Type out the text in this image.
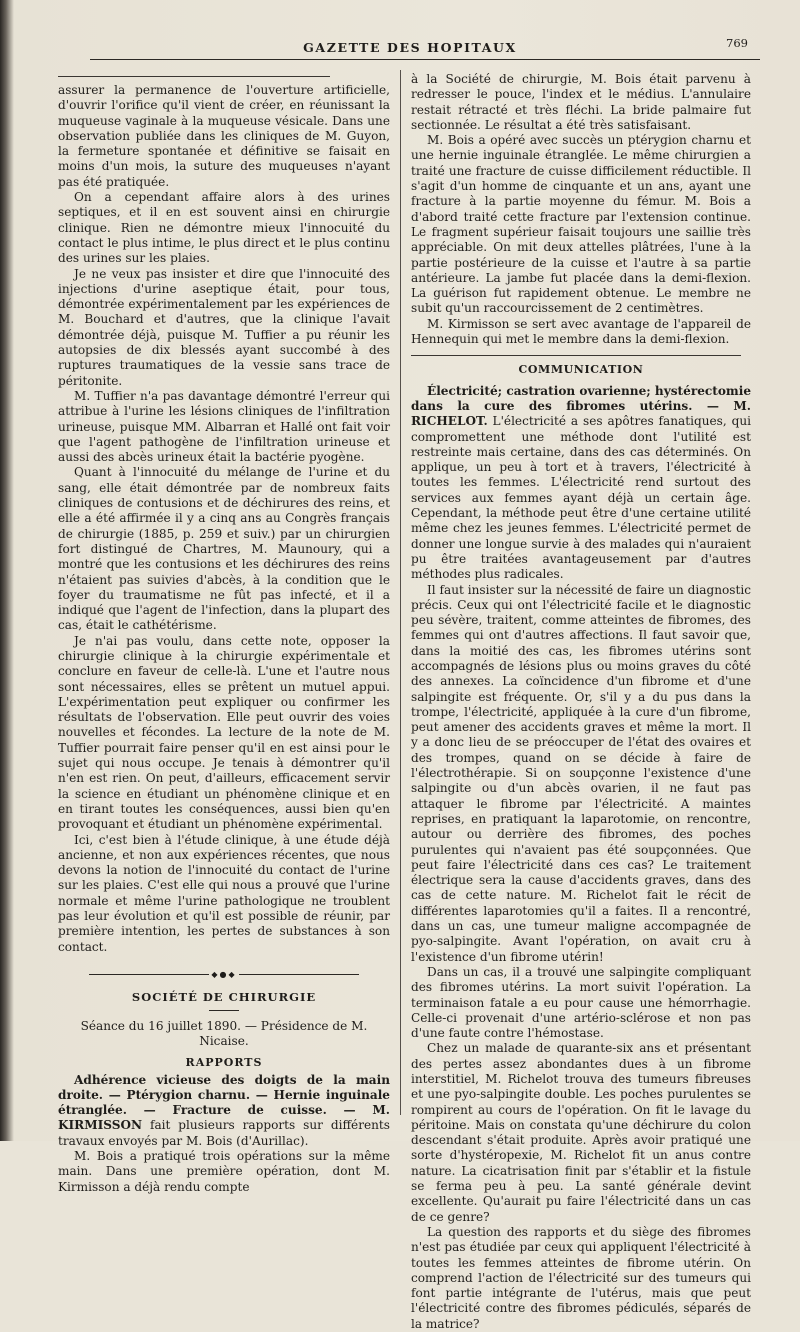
GAZETTE DES HOPITAUX	769

assurer la permanence de l'ouverture artificielle, d'ouvrir l'orifice qu'il vient de créer, en réunissant la muqueuse vaginale à la muqueuse vésicale. Dans une observation publiée dans les cliniques de M. Guyon, la fermeture spontanée et définitive se faisait en moins d'un mois, la suture des muqueuses n'ayant pas été pratiquée.

On a cependant affaire alors à des urines septiques, et il en est souvent ainsi en chirurgie clinique. Rien ne démontre mieux l'innocuité du contact le plus intime, le plus direct et le plus continu des urines sur les plaies.

Je ne veux pas insister et dire que l'innocuité des injections d'urine aseptique était, pour tous, démontrée expérimentalement par les expériences de M. Bouchard et d'autres, que la clinique l'avait démontrée déjà, puisque M. Tuffier a pu réunir les autopsies de dix blessés ayant succombé à des ruptures traumatiques de la vessie sans trace de péritonite.

M. Tuffier n'a pas davantage démontré l'erreur qui attribue à l'urine les lésions cliniques de l'infiltration urineuse, puisque MM. Albarran et Hallé ont fait voir que l'agent pathogène de l'infiltration urineuse et aussi des abcès urineux était la bactérie pyogène.

Quant à l'innocuité du mélange de l'urine et du sang, elle était démontrée par de nombreux faits cliniques de contusions et de déchirures des reins, et elle a été affirmée il y a cinq ans au Congrès français de chirurgie (1885, p. 259 et suiv.) par un chirurgien fort distingué de Chartres, M. Maunoury, qui a montré que les contusions et les déchirures des reins n'étaient pas suivies d'abcès, à la condition que le foyer du traumatisme ne fût pas infecté, et il a indiqué que l'agent de l'infection, dans la plupart des cas, était le cathétérisme.

Je n'ai pas voulu, dans cette note, opposer la chirurgie clinique à la chirurgie expérimentale et conclure en faveur de celle-là. L'une et l'autre nous sont nécessaires, elles se prêtent un mutuel appui. L'expérimentation peut expliquer ou confirmer les résultats de l'observation. Elle peut ouvrir des voies nouvelles et fécondes. La lecture de la note de M. Tuffier pourrait faire penser qu'il en est ainsi pour le sujet qui nous occupe. Je tenais à démontrer qu'il n'en est rien. On peut, d'ailleurs, efficacement servir la science en étudiant un phénomène clinique et en en tirant toutes les conséquences, aussi bien qu'en provoquant et étudiant un phénomène expérimental.

Ici, c'est bien à l'étude clinique, à une étude déjà ancienne, et non aux expériences récentes, que nous devons la notion de l'innocuité du contact de l'urine sur les plaies. C'est elle qui nous a prouvé que l'urine normale et même l'urine pathologique ne troublent pas leur évolution et qu'il est possible de réunir, par première intention, les pertes de substances à son contact.

◆●◆
SOCIÉTÉ DE CHIRURGIE

Séance du 16 juillet 1890. — Présidence de M. Nicaise.

RAPPORTS

Adhérence vicieuse des doigts de la main droite. — Ptérygion charnu. — Hernie inguinale étranglée. — Fracture de cuisse. — M. KIRMISSON fait plusieurs rapports sur différents travaux envoyés par M. Bois (d'Aurillac).

M. Bois a pratiqué trois opérations sur la même main. Dans une première opération, dont M. Kirmisson a déjà rendu compte

à la Société de chirurgie, M. Bois était parvenu à redresser le pouce, l'index et le médius. L'annulaire restait rétracté et très fléchi. La bride palmaire fut sectionnée. Le résultat a été très satisfaisant.

M. Bois a opéré avec succès un ptérygion charnu et une hernie inguinale étranglée. Le même chirurgien a traité une fracture de cuisse difficilement réductible. Il s'agit d'un homme de cinquante et un ans, ayant une fracture à la partie moyenne du fémur. M. Bois a d'abord traité cette fracture par l'extension continue. Le fragment supérieur faisait toujours une saillie très appréciable. On mit deux attelles plâtrées, l'une à la partie postérieure de la cuisse et l'autre à sa partie antérieure. La jambe fut placée dans la demi-flexion. La guérison fut rapidement obtenue. Le membre ne subit qu'un raccourcissement de 2 centimètres.

M. Kirmisson se sert avec avantage de l'appareil de Hennequin qui met le membre dans la demi-flexion.

COMMUNICATION

Électricité; castration ovarienne; hystérectomie dans la cure des fibromes utérins. — M. RICHELOT. L'électricité a ses apôtres fanatiques, qui compromettent une méthode dont l'utilité est restreinte mais certaine, dans des cas déterminés. On applique, un peu à tort et à travers, l'électricité à toutes les femmes. L'électricité rend surtout des services aux femmes ayant déjà un certain âge. Cependant, la méthode peut être d'une certaine utilité même chez les jeunes femmes. L'électricité permet de donner une longue survie à des malades qui n'auraient pu être traitées avantageusement par d'autres méthodes plus radicales.

Il faut insister sur la nécessité de faire un diagnostic précis. Ceux qui ont l'électricité facile et le diagnostic peu sévère, traitent, comme atteintes de fibromes, des femmes qui ont d'autres affections. Il faut savoir que, dans la moitié des cas, les fibromes utérins sont accompagnés de lésions plus ou moins graves du côté des annexes. La coïncidence d'un fibrome et d'une salpingite est fréquente. Or, s'il y a du pus dans la trompe, l'électricité, appliquée à la cure d'un fibrome, peut amener des accidents graves et même la mort. Il y a donc lieu de se préoccuper de l'état des ovaires et des trompes, quand on se décide à faire de l'électrothérapie. Si on soupçonne l'existence d'une salpingite ou d'un abcès ovarien, il ne faut pas attaquer le fibrome par l'électricité. A maintes reprises, en pratiquant la laparotomie, on rencontre, autour ou derrière des fibromes, des poches purulentes qui n'avaient pas été soupçonnées. Que peut faire l'électricité dans ces cas? Le traitement électrique sera la cause d'accidents graves, dans des cas de cette nature. M. Richelot fait le récit de différentes laparotomies qu'il a faites. Il a rencontré, dans un cas, une tumeur maligne accompagnée de pyo-salpingite. Avant l'opération, on avait cru à l'existence d'un fibrome utérin!

Dans un cas, il a trouvé une salpingite compliquant des fibromes utérins. La mort suivit l'opération. La terminaison fatale a eu pour cause une hémorrhagie. Celle-ci provenait d'une artério-sclérose et non pas d'une faute contre l'hémostase.

Chez un malade de quarante-six ans et présentant des pertes assez abondantes dues à un fibrome interstitiel, M. Richelot trouva des tumeurs fibreuses et une pyo-salpingite double. Les poches purulentes se rompirent au cours de l'opération. On fit le lavage du péritoine. Mais on constata qu'une déchirure du colon descendant s'était produite. Après avoir pratiqué une sorte d'hystéropexie, M. Richelot fit un anus contre nature. La cicatrisation finit par s'établir et la fistule se ferma peu à peu. La santé générale devint excellente. Qu'aurait pu faire l'électricité dans un cas de ce genre?

La question des rapports et du siège des fibromes n'est pas étudiée par ceux qui appliquent l'électricité à toutes les femmes atteintes de fibrome utérin. On comprend l'action de l'électricité sur des tumeurs qui font partie intégrante de l'utérus, mais que peut l'électricité contre des fibromes pédiculés, séparés de la matrice?
